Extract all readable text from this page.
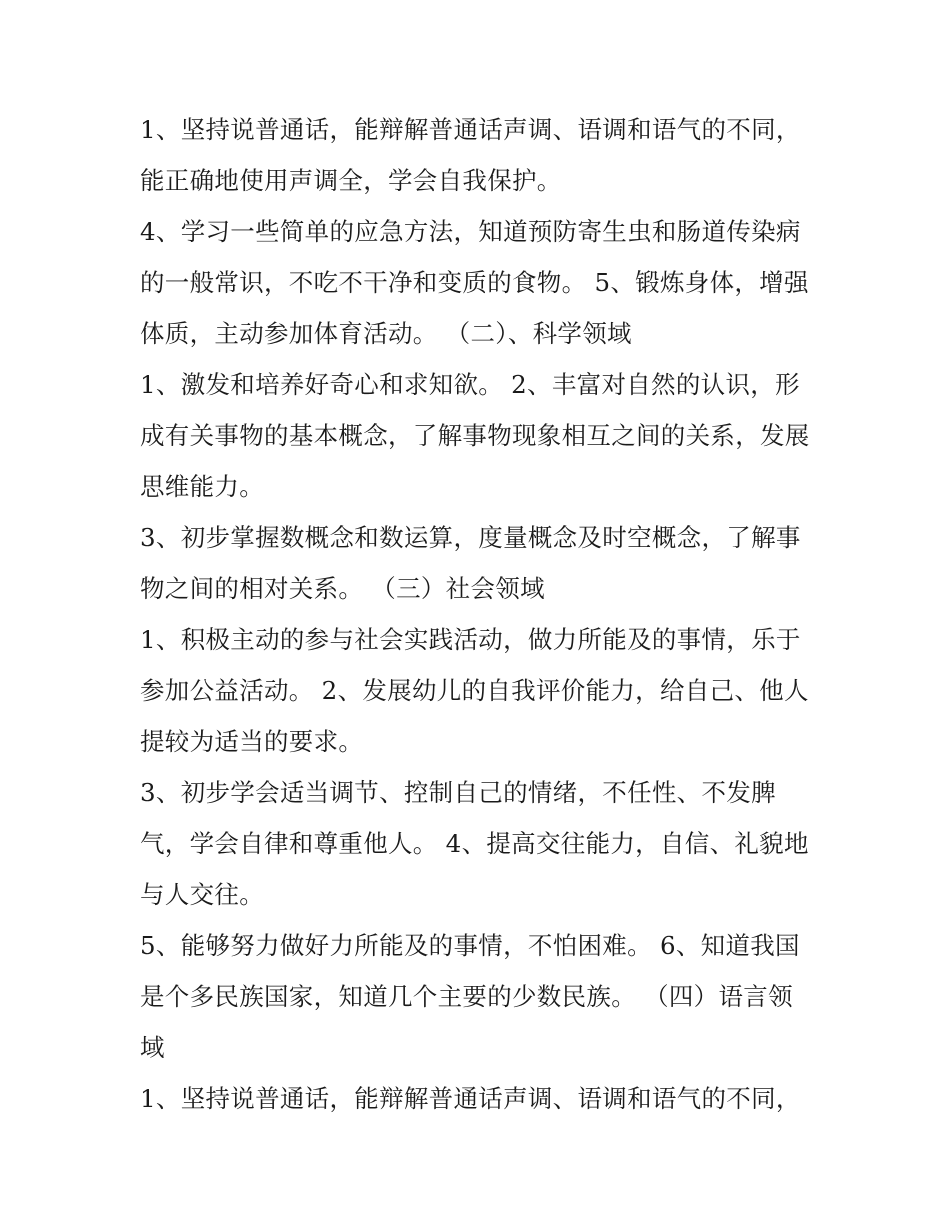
1、坚持说普通话，能辩解普通话声调、语调和语气的不同，
能正确地使用声调全，学会自我保护。
4、学习一些简单的应急方法，知道预防寄生虫和肠道传染病
的一般常识，不吃不干净和变质的食物。 5、锻炼身体，增强
体质，主动参加体育活动。 （二）、科学领域
1、激发和培养好奇心和求知欲。 2、丰富对自然的认识，形
成有关事物的基本概念，了解事物现象相互之间的关系，发展
思维能力。
3、初步掌握数概念和数运算，度量概念及时空概念，了解事
物之间的相对关系。 （三）社会领域
1、积极主动的参与社会实践活动，做力所能及的事情，乐于
参加公益活动。 2、发展幼儿的自我评价能力，给自己、他人
提较为适当的要求。
3、初步学会适当调节、控制自己的情绪，不任性、不发脾
气，学会自律和尊重他人。 4、提高交往能力，自信、礼貌地
与人交往。
5、能够努力做好力所能及的事情，不怕困难。 6、知道我国
是个多民族国家，知道几个主要的少数民族。 （四）语言领
域
1、坚持说普通话，能辩解普通话声调、语调和语气的不同，
